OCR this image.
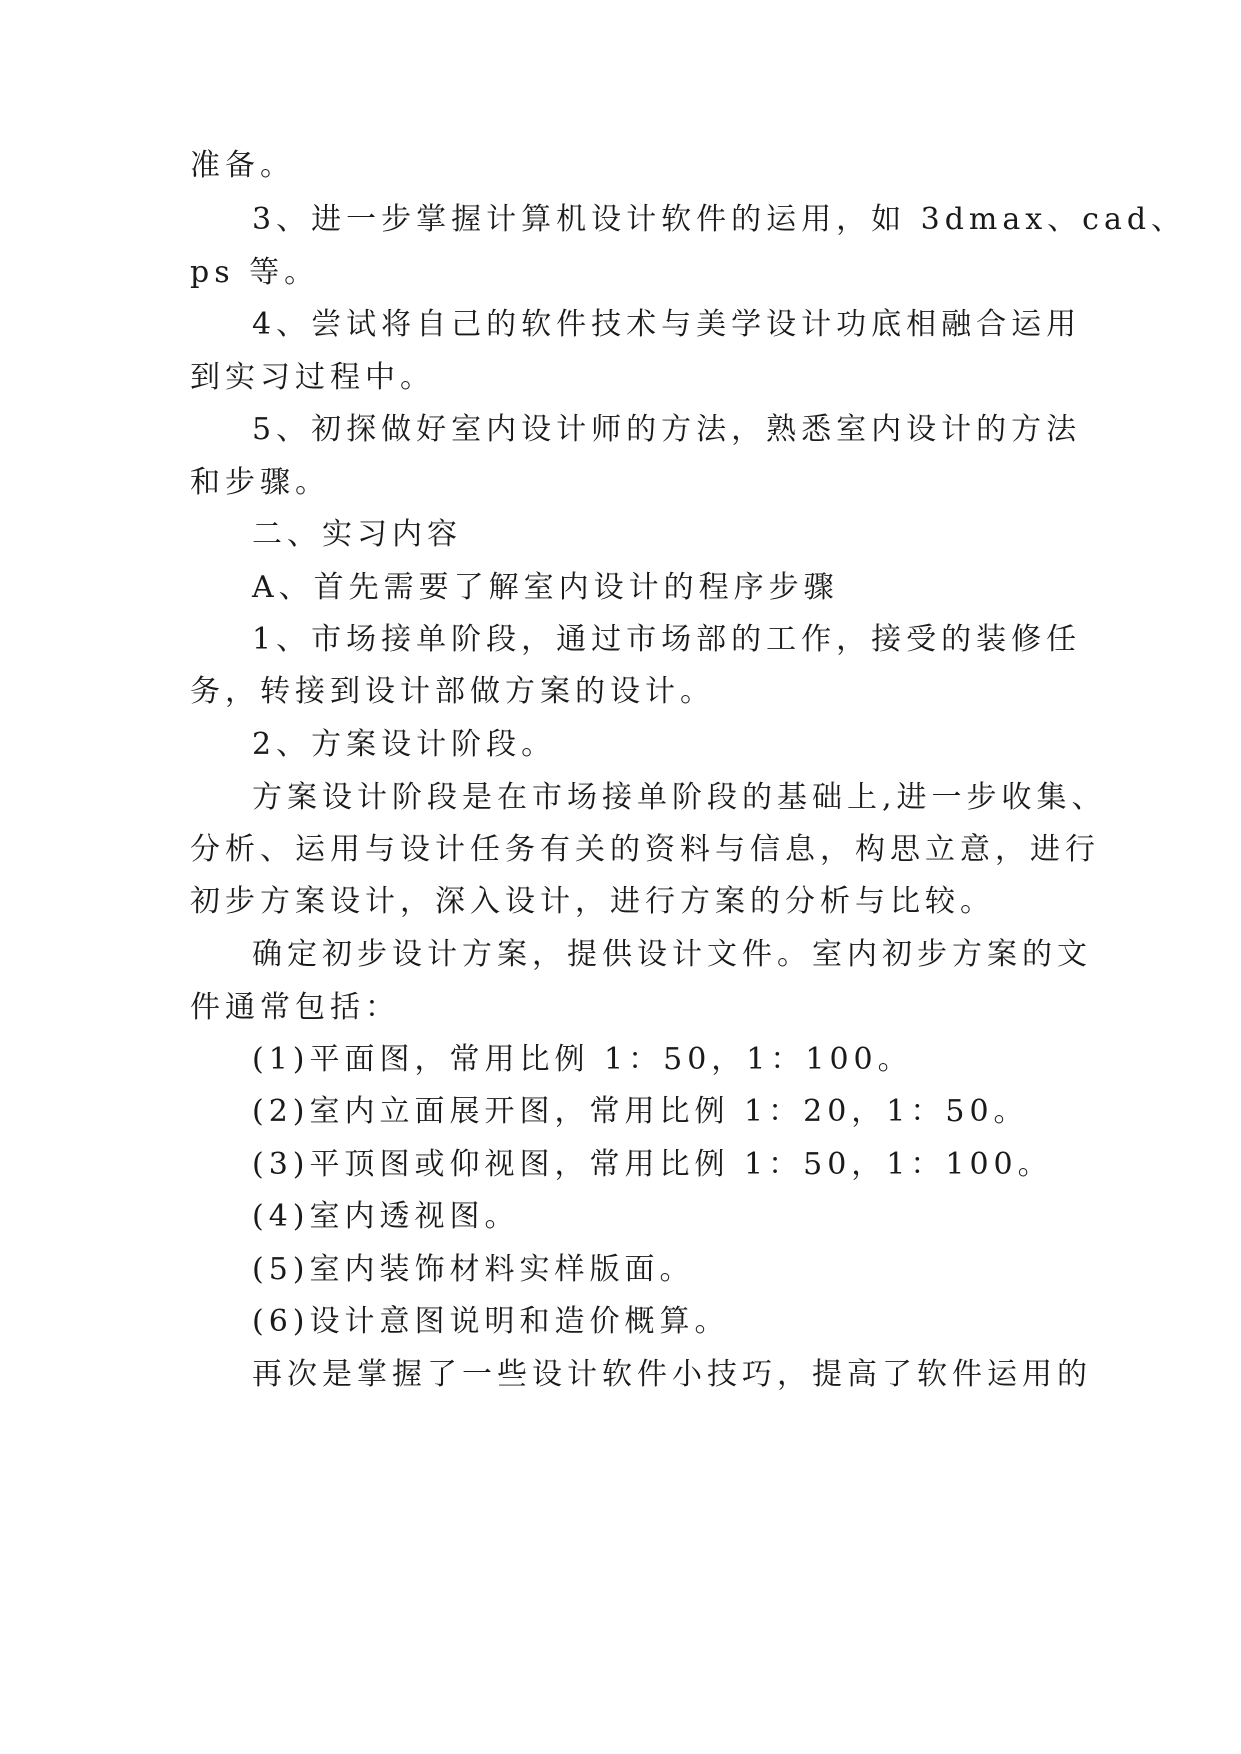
准备。
3、进一步掌握计算机设计软件的运用，如 3dmax、cad、
ps 等。
4、尝试将自己的软件技术与美学设计功底相融合运用
到实习过程中。
5、初探做好室内设计师的方法，熟悉室内设计的方法
和步骤。
二、实习内容
A、首先需要了解室内设计的程序步骤
1、市场接单阶段，通过市场部的工作，接受的装修任
务，转接到设计部做方案的设计。
2、方案设计阶段。
方案设计阶段是在市场接单阶段的基础上,进一步收集、
分析、运用与设计任务有关的资料与信息，构思立意，进行
初步方案设计，深入设计，进行方案的分析与比较。
确定初步设计方案，提供设计文件。室内初步方案的文
件通常包括：
(1)平面图，常用比例 1：50，1：100。
(2)室内立面展开图，常用比例 1：20，1：50。
(3)平顶图或仰视图，常用比例 1：50，1：100。
(4)室内透视图。
(5)室内装饰材料实样版面。
(6)设计意图说明和造价概算。
再次是掌握了一些设计软件小技巧，提高了软件运用的
